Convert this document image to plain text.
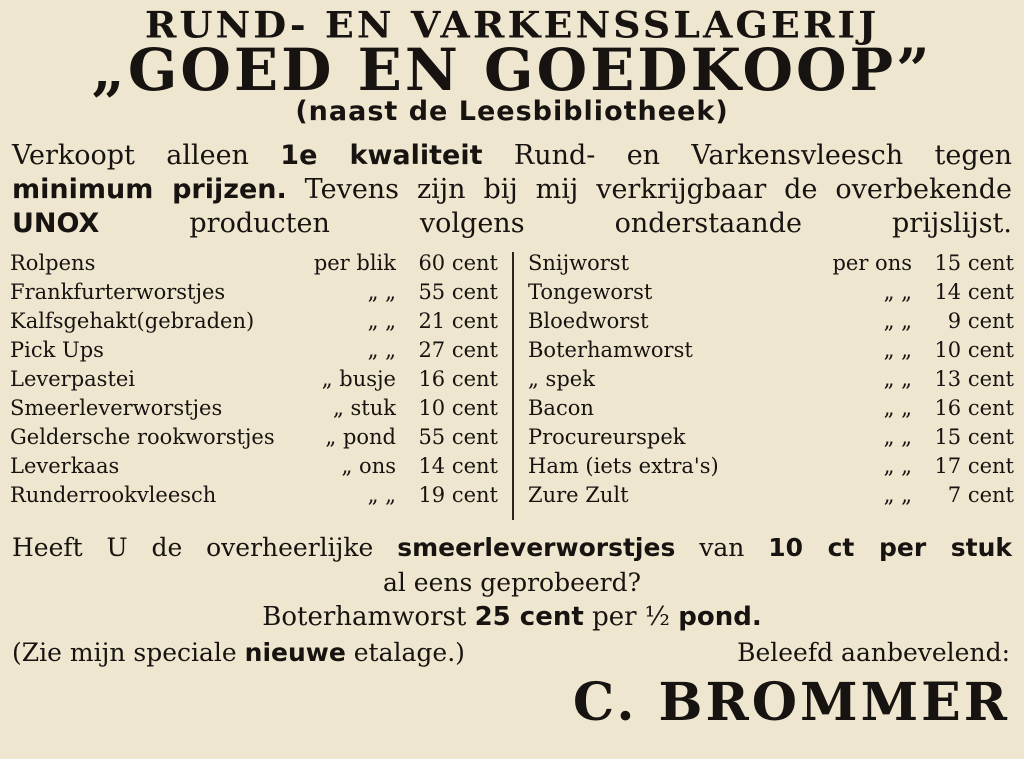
RUND- EN VARKENSSLAGERIJ
„GOED EN GOEDKOOP”
(naast de Leesbibliotheek)
Verkoopt alleen 1e kwaliteit Rund- en Varkensvleesch tegen
minimum prijzen. Tevens zijn bij mij verkrijgbaar de overbekende
UNOX	producten volgens onderstaande prijslijst.
Rolpens	per blik	60 cent
Frankfurterworstjes	„ „	55 cent
Kalfsgehakt(gebraden)	„ „	21 cent
Pick Ups	„ „	27 cent
Leverpastei	„ busje	16 cent
Smeerleverworstjes	„ stuk	10 cent
Geldersche rookworstjes	„ pond	55 cent
Leverkaas	„ ons	14 cent
Runderrookvleesch	„ „	19 cent
Snijworst	per ons	15 cent
Tongeworst	„ „	14 cent
Bloedworst	„ „	9 cent
Boterhamworst	„ „	10 cent
„ spek	„ „	13 cent
Bacon	„ „	16 cent
Procureurspek	„ „	15 cent
Ham (iets extra's)	„ „	17 cent
Zure Zult	„ „	7 cent
Heeft U de overheerlijke smeerleverworstjes van 10 ct per stuk
al eens geprobeerd?
Boterhamworst 25 cent per ½ pond.
(Zie mijn speciale nieuwe etalage.)	Beleefd aanbevelend:
C. BROMMER
